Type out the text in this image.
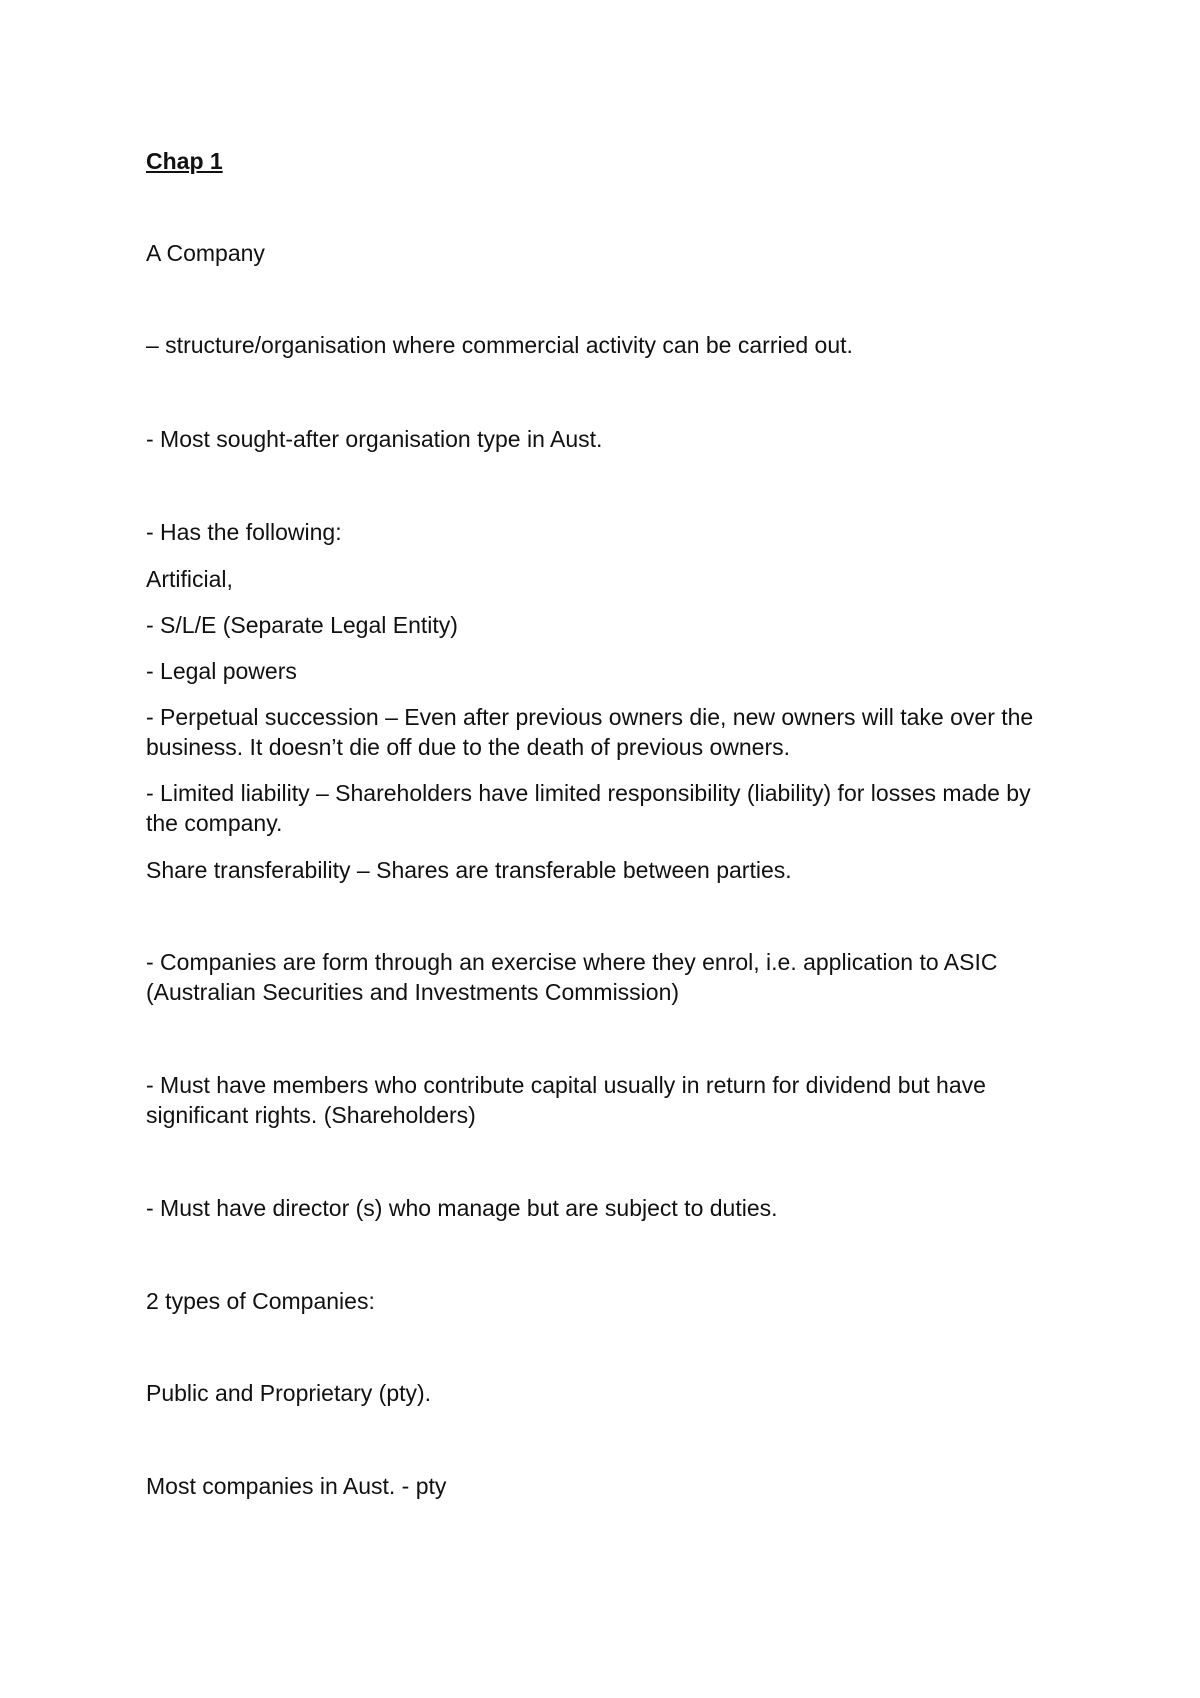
Chap 1
A Company
– structure/organisation where commercial activity can be carried out.
- Most sought-after organisation type in Aust.
- Has the following:
Artificial,
- S/L/E (Separate Legal Entity)
- Legal powers
- Perpetual succession – Even after previous owners die, new owners will take over the business. It doesn’t die off due to the death of previous owners.
- Limited liability – Shareholders have limited responsibility (liability) for losses made by the company.
Share transferability – Shares are transferable between parties.
- Companies are form through an exercise where they enrol, i.e. application to ASIC (Australian Securities and Investments Commission)
- Must have members who contribute capital usually in return for dividend but have significant rights. (Shareholders)
- Must have director (s) who manage but are subject to duties.
2 types of Companies:
Public and Proprietary (pty).
Most companies in Aust. - pty
